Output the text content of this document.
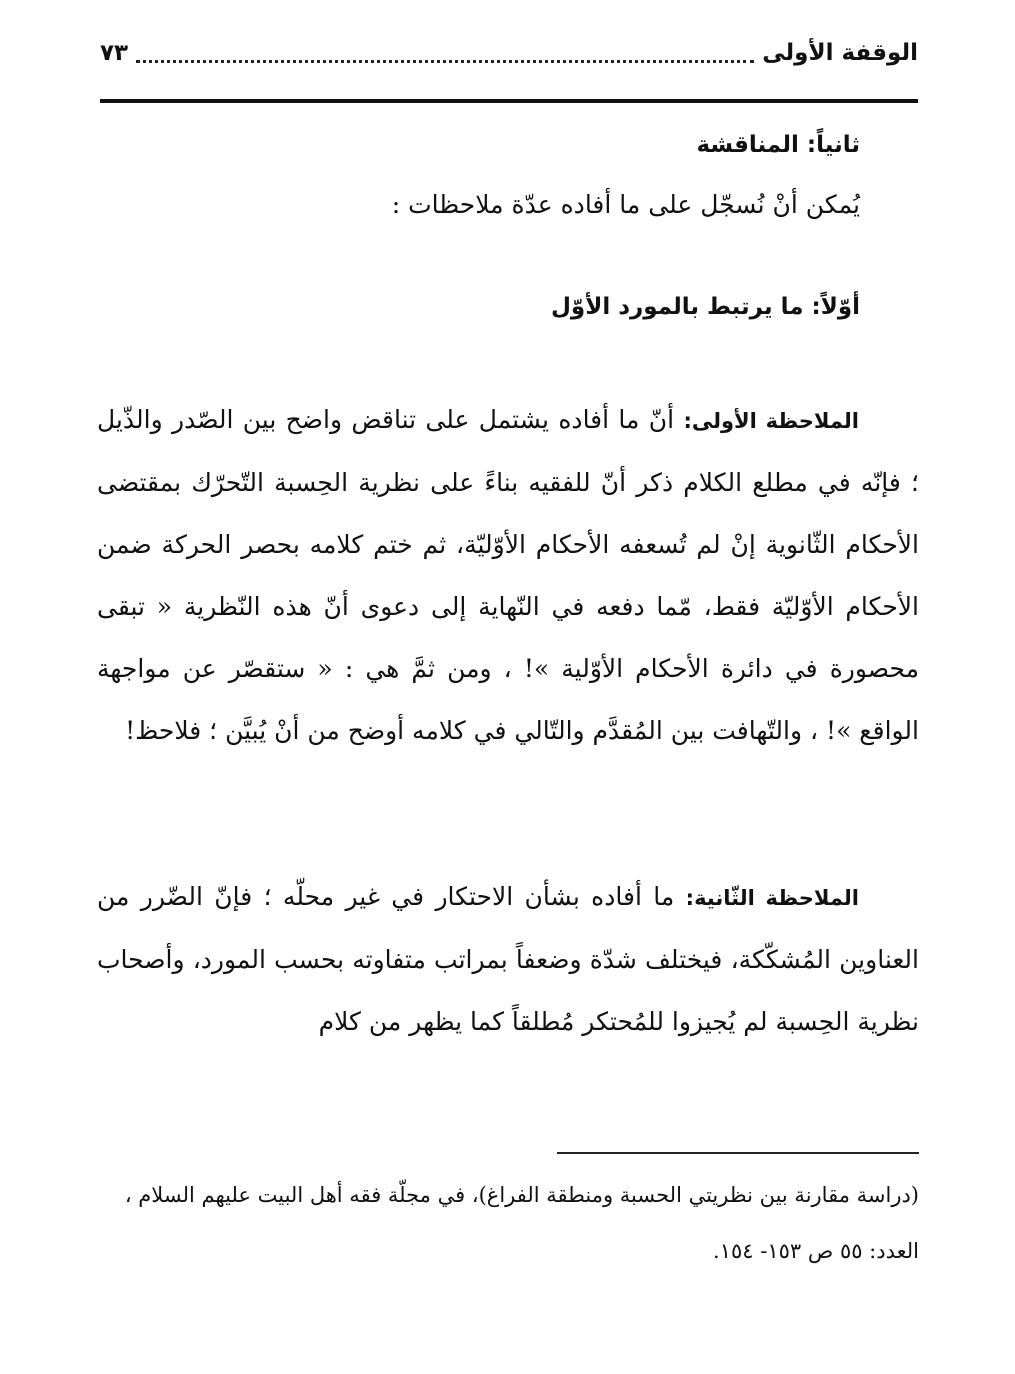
الوقفة الأولى
٧٣
ثانياً: المناقشة
يُمكن أنْ نُسجّل على ما أفاده عدّة ملاحظات :
أوّلاً: ما يرتبط بالمورد الأوّل
الملاحظة الأولى: أنّ ما أفاده يشتمل على تناقض واضح بين الصّدر والذّيل ؛ فإنّه في مطلع الكلام ذكر أنّ للفقيه بناءً على نظرية الحِسبة التّحرّك بمقتضى الأحكام الثّانوية إنْ لم تُسعفه الأحكام الأوّليّة، ثم ختم كلامه بحصر الحركة ضمن الأحكام الأوّليّة فقط، مّما دفعه في النّهاية إلى دعوى أنّ هذه النّظرية « تبقى محصورة في دائرة الأحكام الأوّلية »! ، ومن ثمَّ هي : « ستقصّر عن مواجهة الواقع »! ، والتّهافت بين المُقدَّم والتّالي في كلامه أوضح من أنْ يُبيَّن ؛ فلاحظ!
الملاحظة الثّانية: ما أفاده بشأن الاحتكار في غير محلّه ؛ فإنّ الضّرر من العناوين المُشكّكة، فيختلف شدّة وضعفاً بمراتب متفاوته بحسب المورد، وأصحاب نظرية الحِسبة لم يُجيزوا للمُحتكر مُطلقاً كما يظهر من كلام
(دراسة مقارنة بين نظريتي الحسبة ومنطقة الفراغ)، في مجلّة فقه أهل البيت عليهم السلام ،
العدد: ٥٥ ص ١٥٣- ١٥٤.
